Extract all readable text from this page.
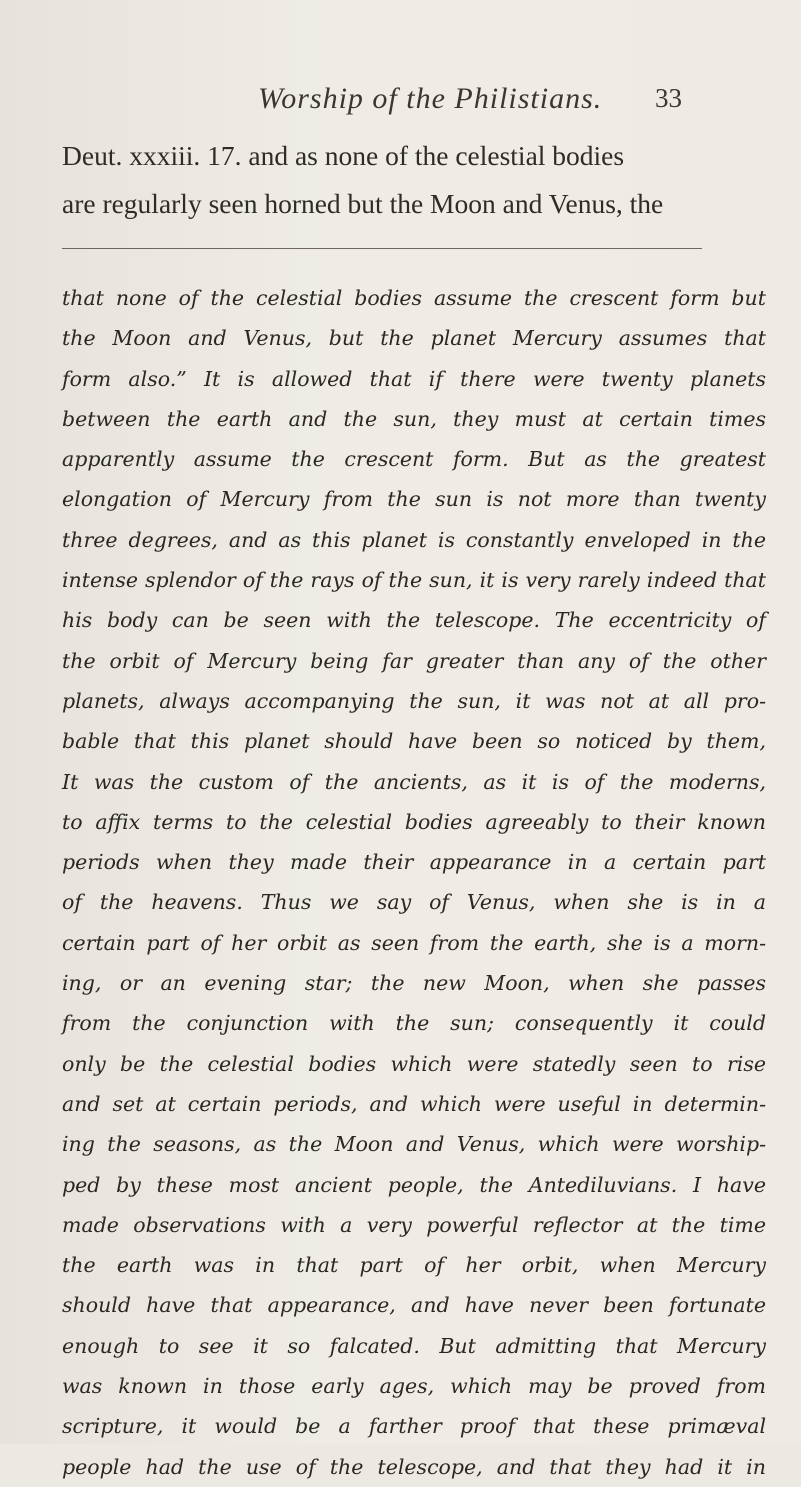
Worship of the Philistians. 33
Deut. xxxiii. 17. and as none of the celestial bodies
are regularly seen horned but the Moon and Venus, the
that none of the celestial bodies assume the crescent form but
the Moon and Venus, but the planet Mercury assumes that
form also.” It is allowed that if there were twenty planets
between the earth and the sun, they must at certain times
apparently assume the crescent form. But as the greatest
elongation of Mercury from the sun is not more than twenty
three degrees, and as this planet is constantly enveloped in the
intense splendor of the rays of the sun, it is very rarely indeed that
his body can be seen with the telescope. The eccentricity of
the orbit of Mercury being far greater than any of the other
planets, always accompanying the sun, it was not at all pro-
bable that this planet should have been so noticed by them,
It was the custom of the ancients, as it is of the moderns,
to affix terms to the celestial bodies agreeably to their known
periods when they made their appearance in a certain part
of the heavens. Thus we say of Venus, when she is in a
certain part of her orbit as seen from the earth, she is a morn-
ing, or an evening star; the new Moon, when she passes
from the conjunction with the sun; consequently it could
only be the celestial bodies which were statedly seen to rise
and set at certain periods, and which were useful in determin-
ing the seasons, as the Moon and Venus, which were worship-
ped by these most ancient people, the Antediluvians. I have
made observations with a very powerful reflector at the time
the earth was in that part of her orbit, when Mercury
should have that appearance, and have never been fortunate
enough to see it so falcated. But admitting that Mercury
was known in those early ages, which may be proved from
scripture, it would be a farther proof that these primæval
people had the use of the telescope, and that they had it in
